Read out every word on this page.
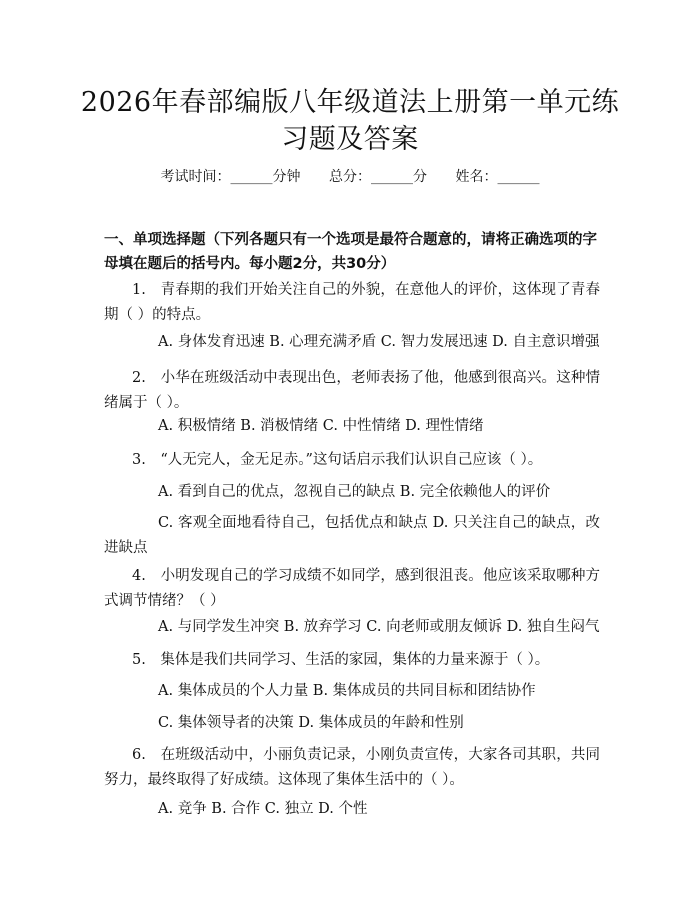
2026年春部编版八年级道法上册第一单元练
习题及答案
考试时间：______分钟 总分：______分 姓名：______

一、单项选择题（下列各题只有一个选项是最符合题意的，请将正确选项的字母填在题后的括号内。每小题2分，共30分）

1.　青春期的我们开始关注自己的外貌，在意他人的评价，这体现了青春期（ ）的特点。

A. 身体发育迅速 B. 心理充满矛盾 C. 智力发展迅速 D. 自主意识增强

2.　小华在班级活动中表现出色，老师表扬了他，他感到很高兴。这种情绪属于（ ）。

A. 积极情绪 B. 消极情绪 C. 中性情绪 D. 理性情绪

3.　“人无完人，金无足赤。”这句话启示我们认识自己应该（ ）。

A. 看到自己的优点，忽视自己的缺点 B. 完全依赖他人的评价

C. 客观全面地看待自己，包括优点和缺点 D. 只关注自己的缺点，改进缺点

4.　小明发现自己的学习成绩不如同学，感到很沮丧。他应该采取哪种方式调节情绪？（ ）

A. 与同学发生冲突 B. 放弃学习 C. 向老师或朋友倾诉 D. 独自生闷气

5.　集体是我们共同学习、生活的家园，集体的力量来源于（ ）。

A. 集体成员的个人力量 B. 集体成员的共同目标和团结协作

C. 集体领导者的决策 D. 集体成员的年龄和性别

6.　在班级活动中，小丽负责记录，小刚负责宣传，大家各司其职，共同努力，最终取得了好成绩。这体现了集体生活中的（ ）。

A. 竞争 B. 合作 C. 独立 D. 个性
